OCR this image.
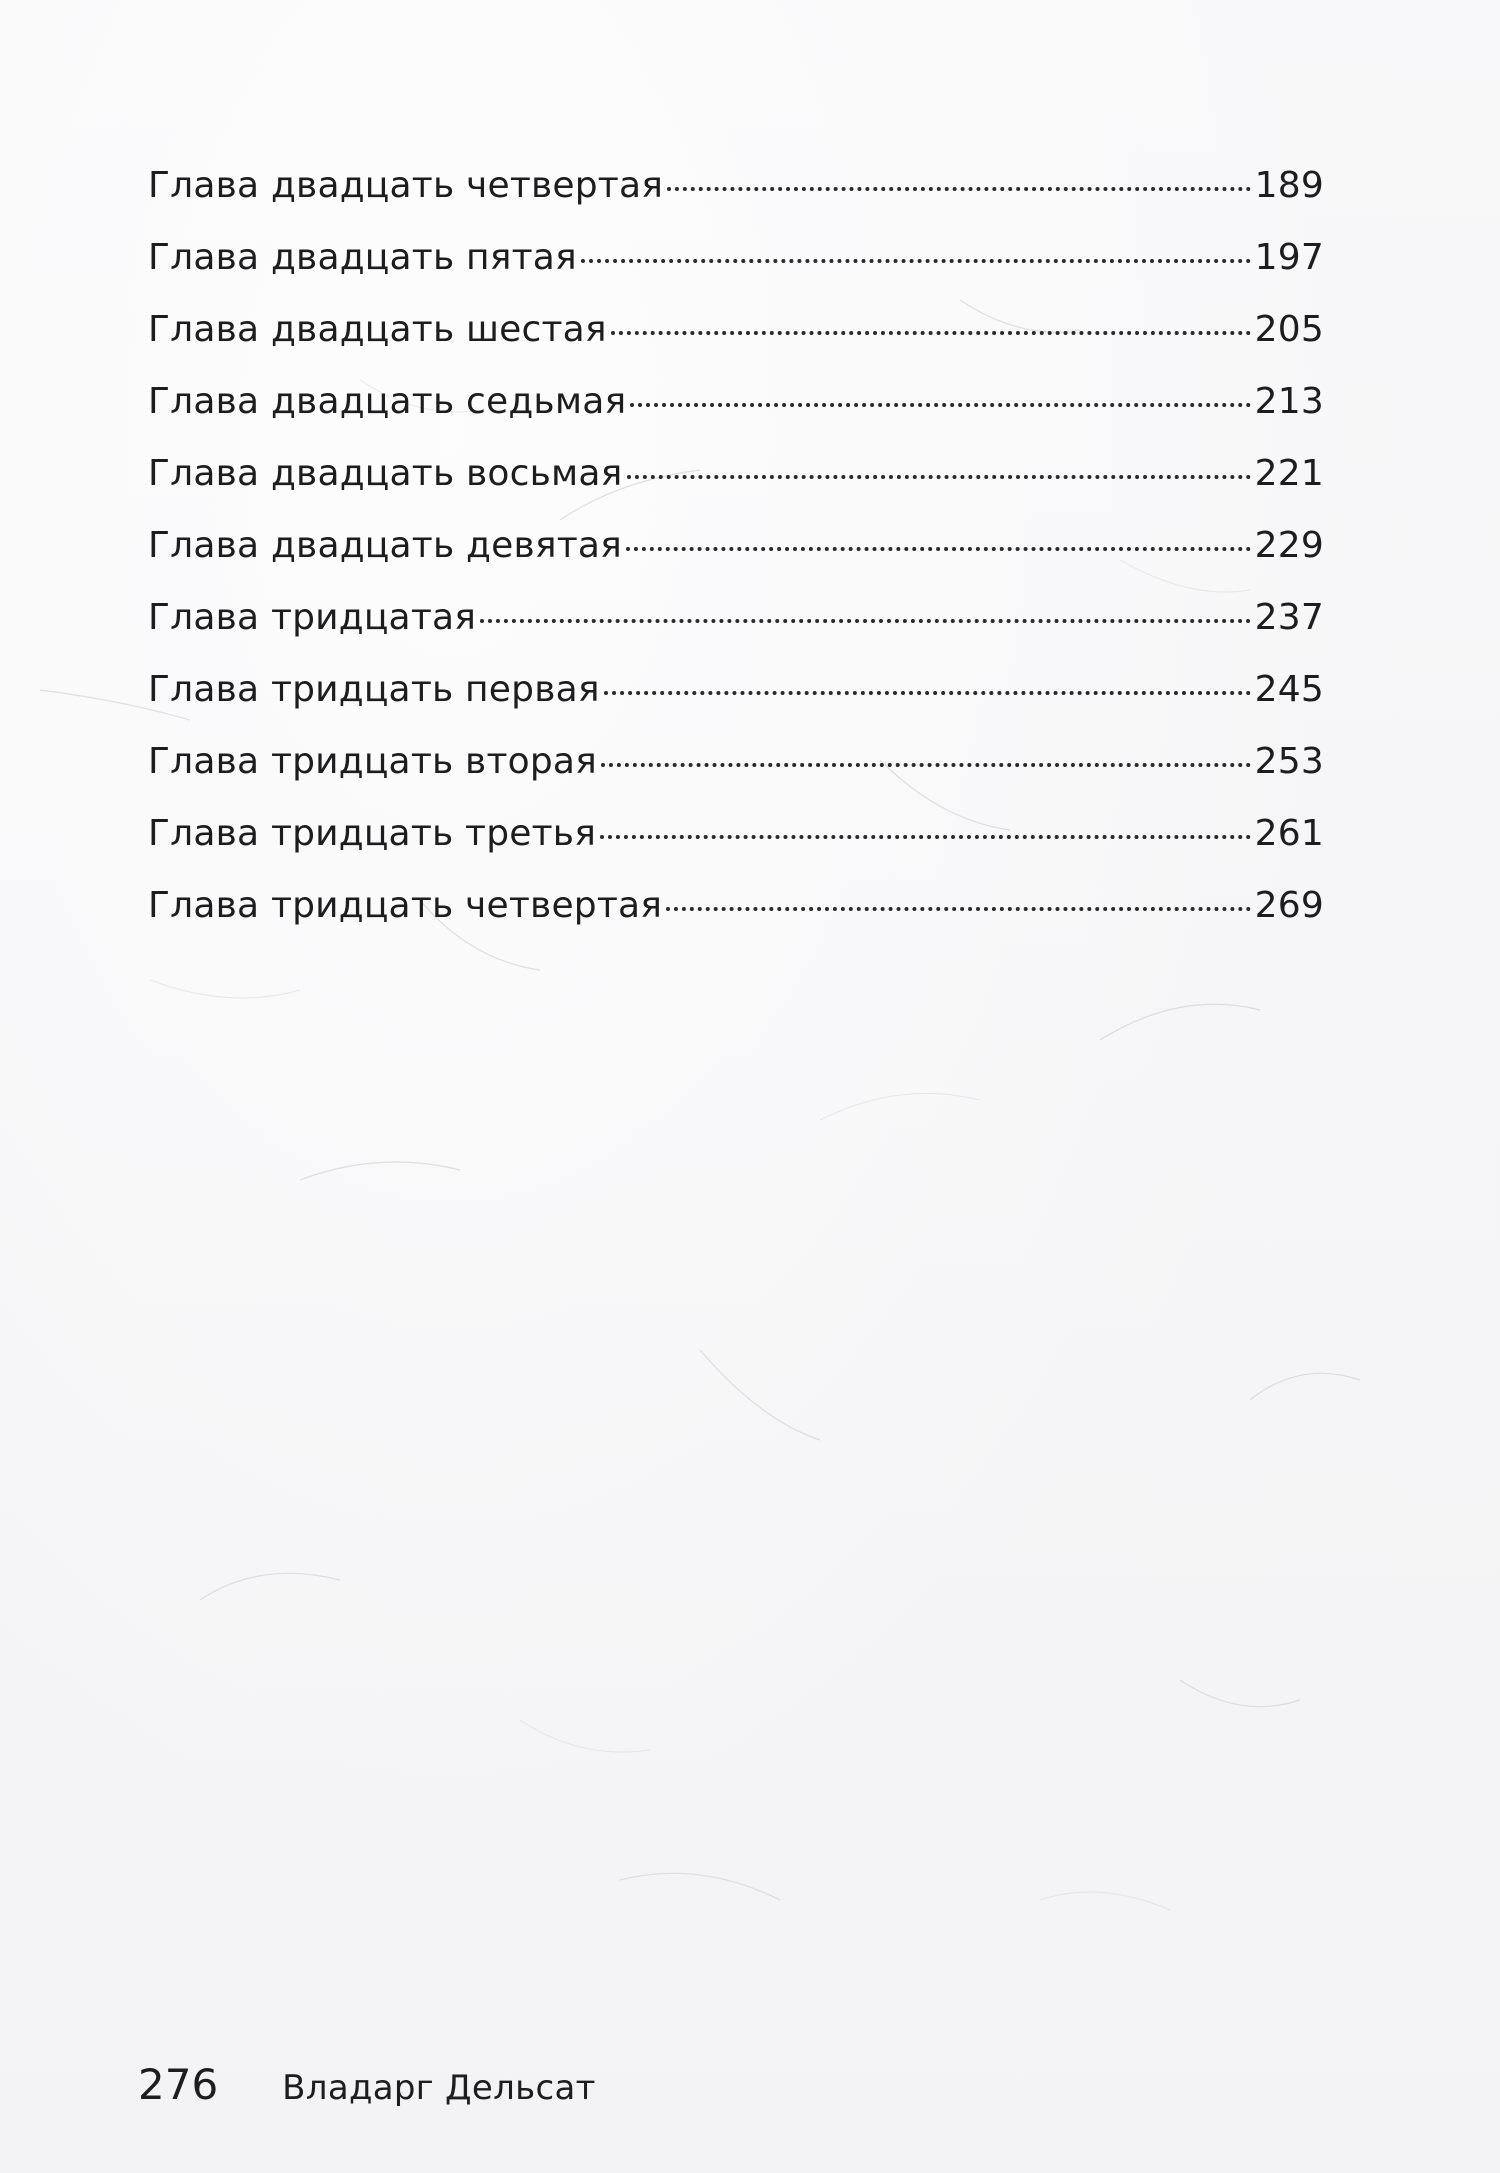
Глава двадцать четвертая	189
Глава двадцать пятая	197
Глава двадцать шестая	205
Глава двадцать седьмая	213
Глава двадцать восьмая	221
Глава двадцать девятая	229
Глава тридцатая	237
Глава тридцать первая	245
Глава тридцать вторая	253
Глава тридцать третья	261
Глава тридцать четвертая	269
276 Владарг Дельсат
